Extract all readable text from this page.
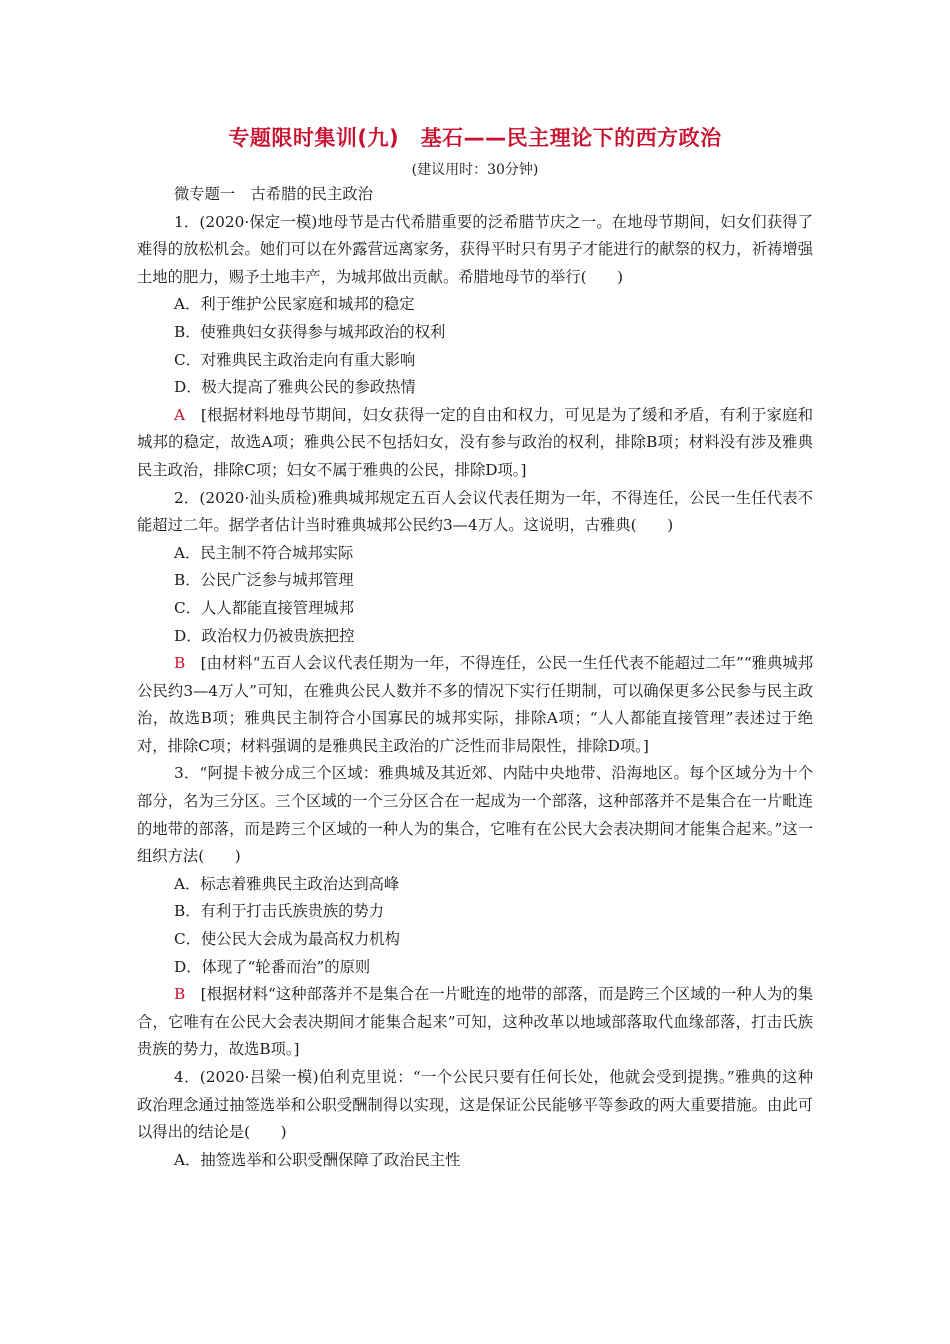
专题限时集训(九)　基石——民主理论下的西方政治
(建议用时：30分钟)

微专题一　古希腊的民主政治

1．(2020·保定一模)地母节是古代希腊重要的泛希腊节庆之一。在地母节期间，妇女们获得了难得的放松机会。她们可以在外露营远离家务，获得平时只有男子才能进行的献祭的权力，祈祷增强土地的肥力，赐予土地丰产，为城邦做出贡献。希腊地母节的举行(　　)

A．利于维护公民家庭和城邦的稳定

B．使雅典妇女获得参与城邦政治的权利

C．对雅典民主政治走向有重大影响

D．极大提高了雅典公民的参政热情

A　[根据材料地母节期间，妇女获得一定的自由和权力，可见是为了缓和矛盾，有利于家庭和城邦的稳定，故选A项；雅典公民不包括妇女，没有参与政治的权利，排除B项；材料没有涉及雅典民主政治，排除C项；妇女不属于雅典的公民，排除D项。]

2．(2020·汕头质检)雅典城邦规定五百人会议代表任期为一年，不得连任，公民一生任代表不能超过二年。据学者估计当时雅典城邦公民约3—4万人。这说明，古雅典(　　)

A．民主制不符合城邦实际

B．公民广泛参与城邦管理

C．人人都能直接管理城邦

D．政治权力仍被贵族把控

B　[由材料“五百人会议代表任期为一年，不得连任，公民一生任代表不能超过二年”“雅典城邦公民约3—4万人”可知，在雅典公民人数并不多的情况下实行任期制，可以确保更多公民参与民主政治，故选B项；雅典民主制符合小国寡民的城邦实际，排除A项；“人人都能直接管理”表述过于绝对，排除C项；材料强调的是雅典民主政治的广泛性而非局限性，排除D项。]

3．“阿提卡被分成三个区域：雅典城及其近郊、内陆中央地带、沿海地区。每个区域分为十个部分，名为三分区。三个区域的一个三分区合在一起成为一个部落，这种部落并不是集合在一片毗连的地带的部落，而是跨三个区域的一种人为的集合，它唯有在公民大会表决期间才能集合起来。”这一组织方法(　　)

A．标志着雅典民主政治达到高峰

B．有利于打击氏族贵族的势力

C．使公民大会成为最高权力机构

D．体现了“轮番而治”的原则

B　[根据材料“这种部落并不是集合在一片毗连的地带的部落，而是跨三个区域的一种人为的集合，它唯有在公民大会表决期间才能集合起来”可知，这种改革以地域部落取代血缘部落，打击氏族贵族的势力，故选B项。]

4．(2020·吕梁一模)伯利克里说：“一个公民只要有任何长处，他就会受到提携。”雅典的这种政治理念通过抽签选举和公职受酬制得以实现，这是保证公民能够平等参政的两大重要措施。由此可以得出的结论是(　　)

A．抽签选举和公职受酬保障了政治民主性
